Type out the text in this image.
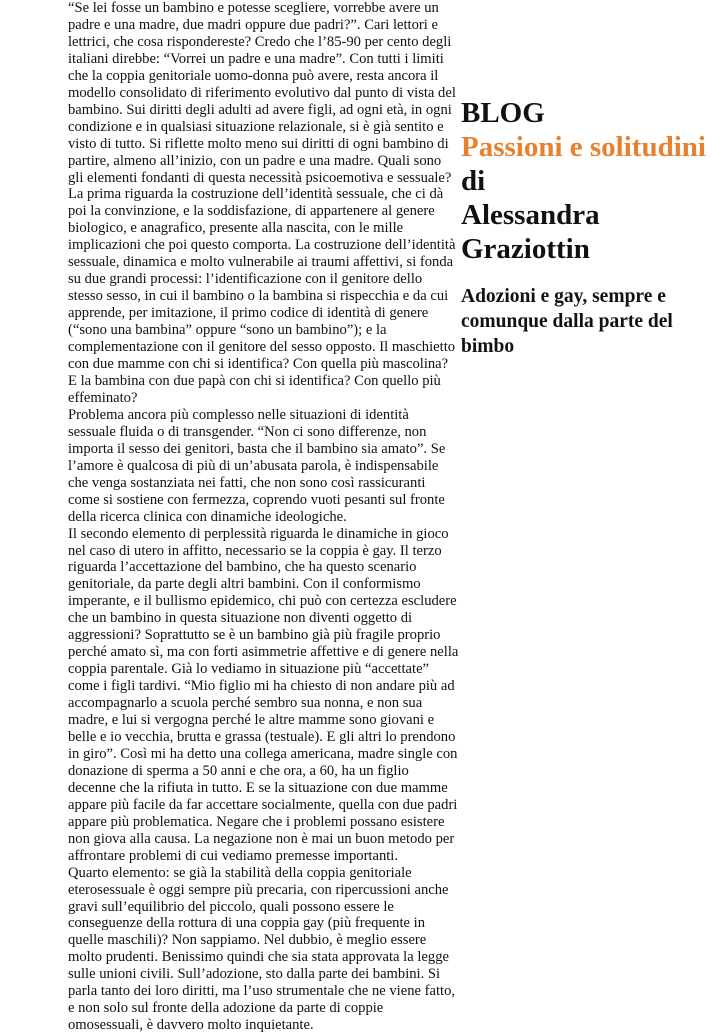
“Se lei fosse un bambino e potesse scegliere, vorrebbe avere un
padre e una madre, due madri oppure due padri?”. Cari lettori e
lettrici, che cosa rispondereste? Credo che l’85-90 per cento degli
italiani direbbe: “Vorrei un padre e una madre”. Con tutti i limiti
che la coppia genitoriale uomo-donna può avere, resta ancora il
modello consolidato di riferimento evolutivo dal punto di vista del
bambino. Sui diritti degli adulti ad avere figli, ad ogni età, in ogni
condizione e in qualsiasi situazione relazionale, si è già sentito e
visto di tutto. Si riflette molto meno sui diritti di ogni bambino di
partire, almeno all’inizio, con un padre e una madre. Quali sono
gli elementi fondanti di questa necessità psicoemotiva e sessuale?
La prima riguarda la costruzione dell’identità sessuale, che ci dà
poi la convinzione, e la soddisfazione, di appartenere al genere
biologico, e anagrafico, presente alla nascita, con le mille
implicazioni che poi questo comporta. La costruzione dell’identità
sessuale, dinamica e molto vulnerabile ai traumi affettivi, si fonda
su due grandi processi: l’identificazione con il genitore dello
stesso sesso, in cui il bambino o la bambina si rispecchia e da cui
apprende, per imitazione, il primo codice di identità di genere
(“sono una bambina” oppure “sono un bambino”); e la
complementazione con il genitore del sesso opposto. Il maschietto
con due mamme con chi si identifica? Con quella più mascolina?
E la bambina con due papà con chi si identifica? Con quello più
effeminato?

Problema ancora più complesso nelle situazioni di identità
sessuale fluida o di transgender. “Non ci sono differenze, non
importa il sesso dei genitori, basta che il bambino sia amato”. Se
l’amore è qualcosa di più di un’abusata parola, è indispensabile
che venga sostanziata nei fatti, che non sono così rassicuranti
come si sostiene con fermezza, coprendo vuoti pesanti sul fronte
della ricerca clinica con dinamiche ideologiche.

Il secondo elemento di perplessità riguarda le dinamiche in gioco
nel caso di utero in affitto, necessario se la coppia è gay. Il terzo
riguarda l’accettazione del bambino, che ha questo scenario
genitoriale, da parte degli altri bambini. Con il conformismo
imperante, e il bullismo epidemico, chi può con certezza escludere
che un bambino in questa situazione non diventi oggetto di
aggressioni? Soprattutto se è un bambino già più fragile proprio
perché amato sì, ma con forti asimmetrie affettive e di genere nella
coppia parentale. Già lo vediamo in situazione più “accettate”
come i figli tardivi. “Mio figlio mi ha chiesto di non andare più ad
accompagnarlo a scuola perché sembro sua nonna, e non sua
madre, e lui si vergogna perché le altre mamme sono giovani e
belle e io vecchia, brutta e grassa (testuale). E gli altri lo prendono
in giro”. Così mi ha detto una collega americana, madre single con
donazione di sperma a 50 anni e che ora, a 60, ha un figlio
decenne che la rifiuta in tutto. E se la situazione con due mamme
appare più facile da far accettare socialmente, quella con due padri
appare più problematica. Negare che i problemi possano esistere
non giova alla causa. La negazione non è mai un buon metodo per
affrontare problemi di cui vediamo premesse importanti.

Quarto elemento: se già la stabilità della coppia genitoriale
eterosessuale è oggi sempre più precaria, con ripercussioni anche
gravi sull’equilibrio del piccolo, quali possono essere le
conseguenze della rottura di una coppia gay (più frequente in
quelle maschili)? Non sappiamo. Nel dubbio, è meglio essere
molto prudenti. Benissimo quindi che sia stata approvata la legge
sulle unioni civili. Sull’adozione, sto dalla parte dei bambini. Si
parla tanto dei loro diritti, ma l’uso strumentale che ne viene fatto,
e non solo sul fronte della adozione da parte di coppie
omosessuali, è davvero molto inquietante.

BLOG
Passioni e solitudini di
Alessandra Graziottin
Adozioni e gay, sempre e comunque dalla parte del bimbo
